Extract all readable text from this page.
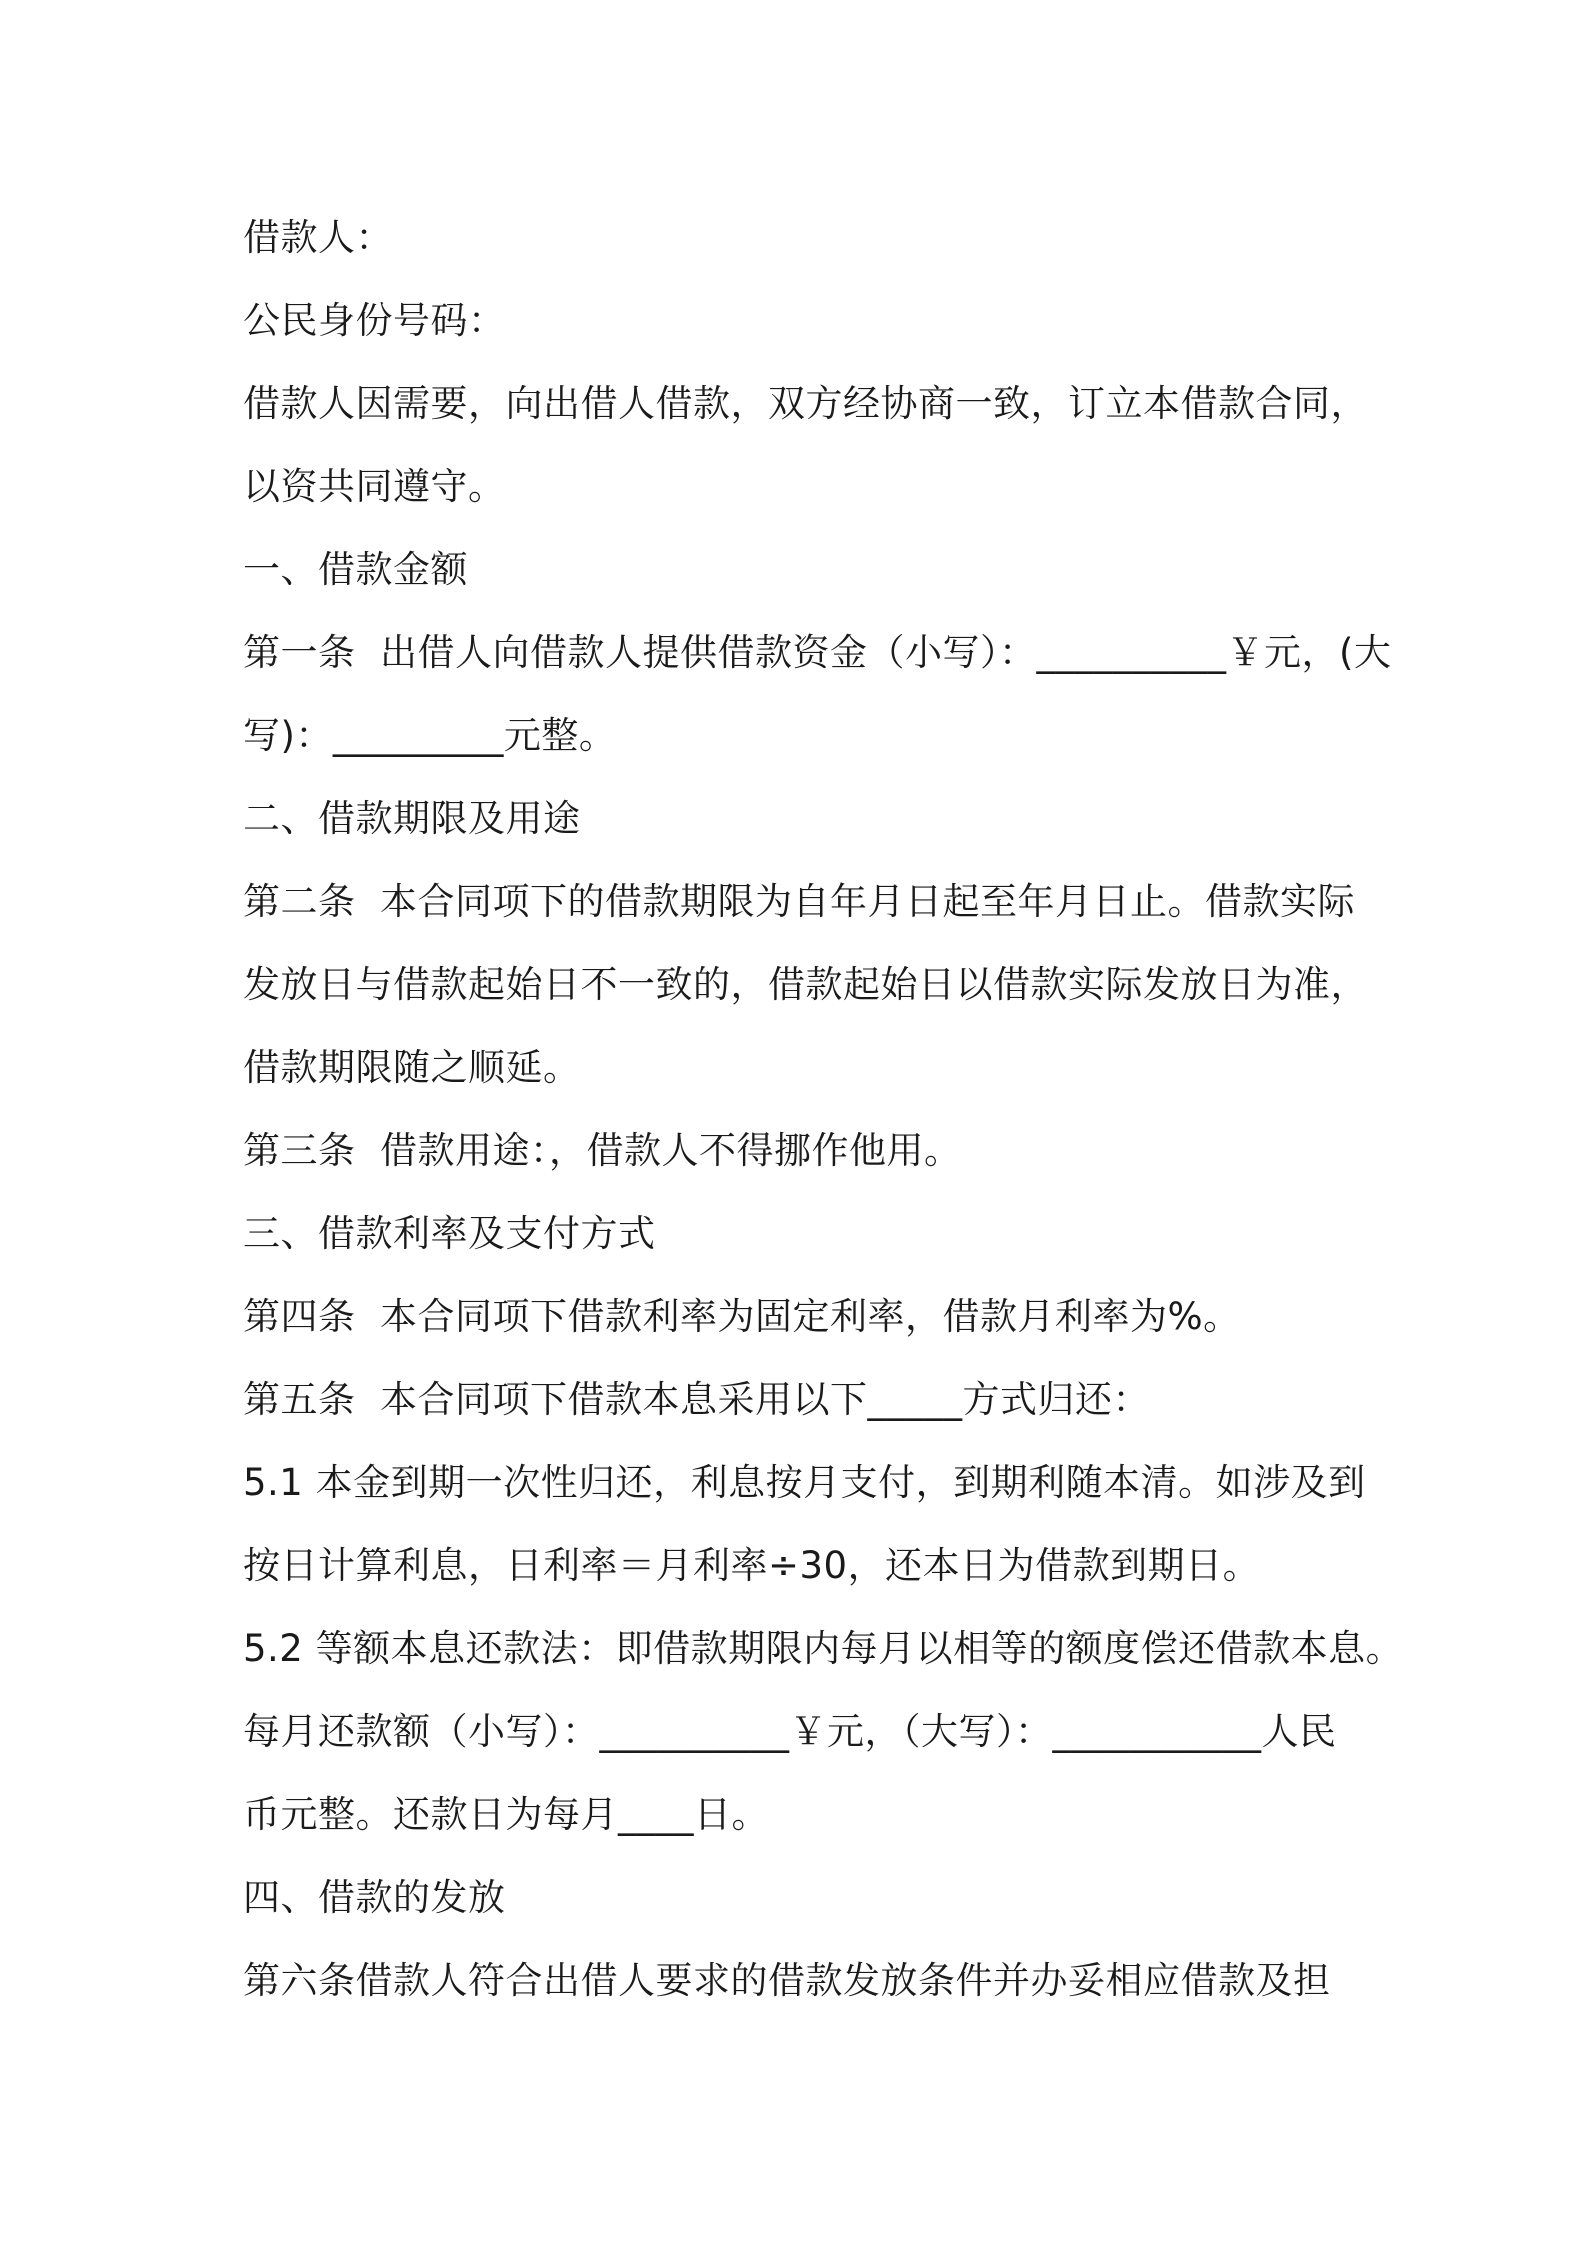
借款人：
公民身份号码：
借款人因需要，向出借人借款，双方经协商一致，订立本借款合同，
以资共同遵守。
一、借款金额
第一条  出借人向借款人提供借款资金（小写）：__________￥元，(大
写)：_________元整。
二、借款期限及用途
第二条  本合同项下的借款期限为自年月日起至年月日止。借款实际
发放日与借款起始日不一致的，借款起始日以借款实际发放日为准，
借款期限随之顺延。
第三条  借款用途：，借款人不得挪作他用。
三、借款利率及支付方式
第四条  本合同项下借款利率为固定利率，借款月利率为%。
第五条  本合同项下借款本息采用以下_____方式归还：
5.1 本金到期一次性归还，利息按月支付，到期利随本清。如涉及到
按日计算利息，日利率＝月利率÷30，还本日为借款到期日。
5.2 等额本息还款法：即借款期限内每月以相等的额度偿还借款本息。
每月还款额（小写）：__________￥元，（大写）：___________人民
币元整。还款日为每月____日。
四、借款的发放
第六条借款人符合出借人要求的借款发放条件并办妥相应借款及担
